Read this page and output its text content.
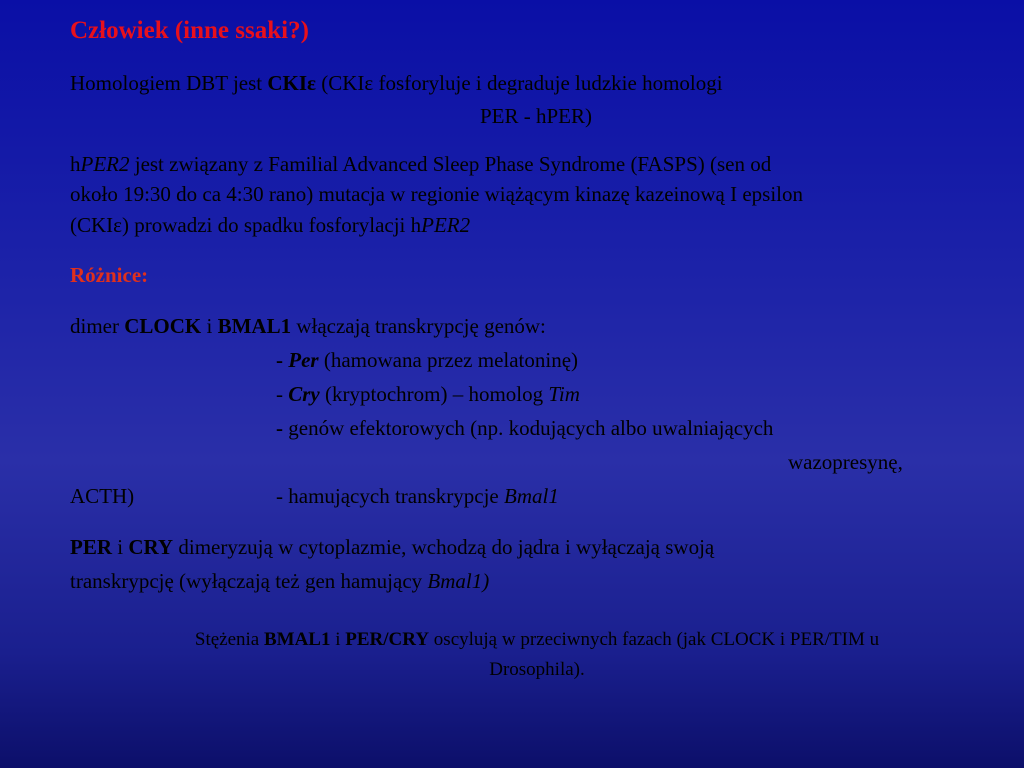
Człowiek (inne ssaki?)
Homologiem DBT jest CKIε (CKIε fosforyluje i degraduje ludzkie homologi
PER - hPER)
hPER2 jest związany z Familial Advanced Sleep Phase Syndrome (FASPS) (sen od
około 19:30 do ca 4:30 rano) mutacja w regionie wiążącym kinazę kazeinową I epsilon
(CKIε) prowadzi do spadku fosforylacji hPER2
Różnice:
dimer CLOCK i BMAL1 włączają transkrypcję genów:
- Per (hamowana przez melatoninę)
- Cry (kryptochrom) – homolog Tim
- genów efektorowych (np. kodujących albo uwalniających
wazopresynę,
ACTH)	- hamujących transkrypcje Bmal1
PER i CRY dimeryzują w cytoplazmie, wchodzą do jądra i wyłączają swoją
transkrypcję (wyłączają też gen hamujący Bmal1)
Stężenia BMAL1 i PER/CRY oscylują w przeciwnych fazach (jak CLOCK i PER/TIM u
Drosophila).
